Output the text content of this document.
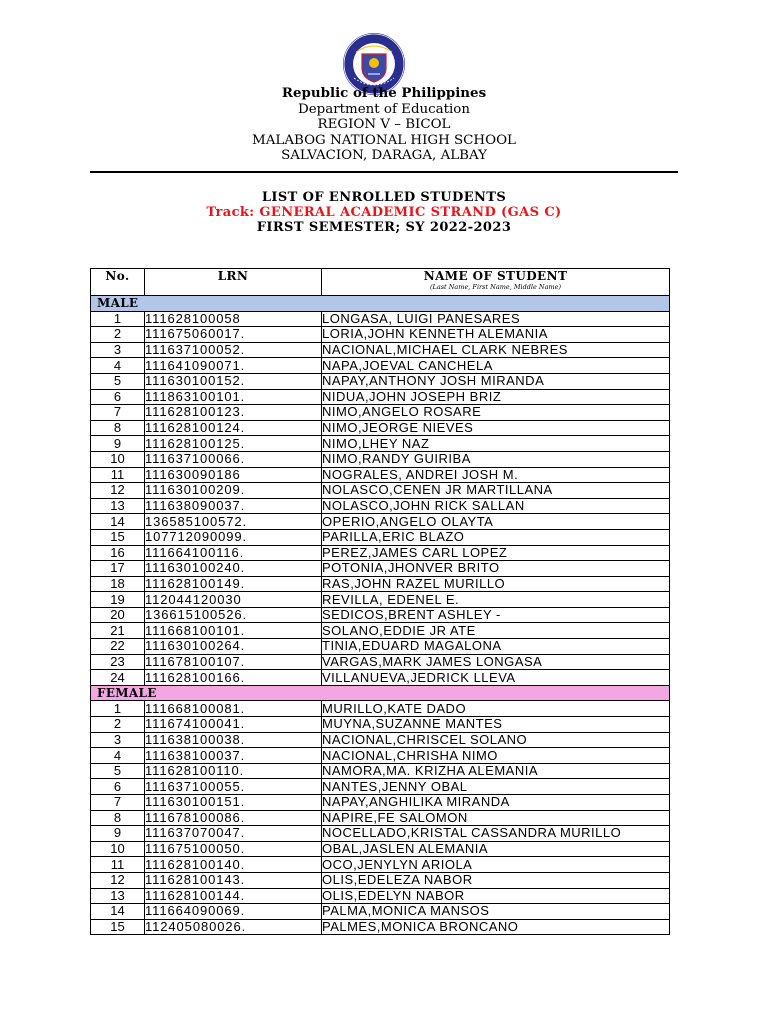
Republic of the Philippines
Department of Education
REGION V – BICOL
MALABOG NATIONAL HIGH SCHOOL
SALVACION, DARAGA, ALBAY
LIST OF ENROLLED STUDENTS
Track: GENERAL ACADEMIC STRAND (GAS C)
FIRST SEMESTER; SY 2022-2023
No.	LRN	NAME OF STUDENT
(Last Name, First Name, Middle Name)

MALE		
1	111628100058	LONGASA, LUIGI PANESARES
2	111675060017.	LORIA,JOHN KENNETH ALEMANIA
3	111637100052.	NACIONAL,MICHAEL CLARK NEBRES
4	111641090071.	NAPA,JOEVAL CANCHELA
5	111630100152.	NAPAY,ANTHONY JOSH MIRANDA
6	111863100101.	NIDUA,JOHN JOSEPH BRIZ
7	111628100123.	NIMO,ANGELO ROSARE
8	111628100124.	NIMO,JEORGE NIEVES
9	111628100125.	NIMO,LHEY NAZ
10	111637100066.	NIMO,RANDY GUIRIBA
11	111630090186	NOGRALES, ANDREI JOSH M.
12	111630100209.	NOLASCO,CENEN JR MARTILLANA
13	111638090037.	NOLASCO,JOHN RICK SALLAN
14	136585100572.	OPERIO,ANGELO OLAYTA
15	107712090099.	PARILLA,ERIC BLAZO
16	111664100116.	PEREZ,JAMES CARL LOPEZ
17	111630100240.	POTONIA,JHONVER BRITO
18	111628100149.	RAS,JOHN RAZEL MURILLO
19	112044120030	REVILLA, EDENEL E.
20	136615100526.	SEDICOS,BRENT ASHLEY -
21	111668100101.	SOLANO,EDDIE JR ATE
22	111630100264.	TINIA,EDUARD MAGALONA
23	111678100107.	VARGAS,MARK JAMES LONGASA
24	111628100166.	VILLANUEVA,JEDRICK LLEVA
FEMALE		
1	111668100081.	MURILLO,KATE DADO
2	111674100041.	MUYNA,SUZANNE MANTES
3	111638100038.	NACIONAL,CHRISCEL SOLANO
4	111638100037.	NACIONAL,CHRISHA NIMO
5	111628100110.	NAMORA,MA. KRIZHA ALEMANIA
6	111637100055.	NANTES,JENNY OBAL
7	111630100151.	NAPAY,ANGHILIKA MIRANDA
8	111678100086.	NAPIRE,FE SALOMON
9	111637070047.	NOCELLADO,KRISTAL CASSANDRA MURILLO
10	111675100050.	OBAL,JASLEN ALEMANIA
11	111628100140.	OCO,JENYLYN ARIOLA
12	111628100143.	OLIS,EDELEZA NABOR
13	111628100144.	OLIS,EDELYN NABOR
14	111664090069.	PALMA,MONICA MANSOS
15	112405080026.	PALMES,MONICA BRONCANO
